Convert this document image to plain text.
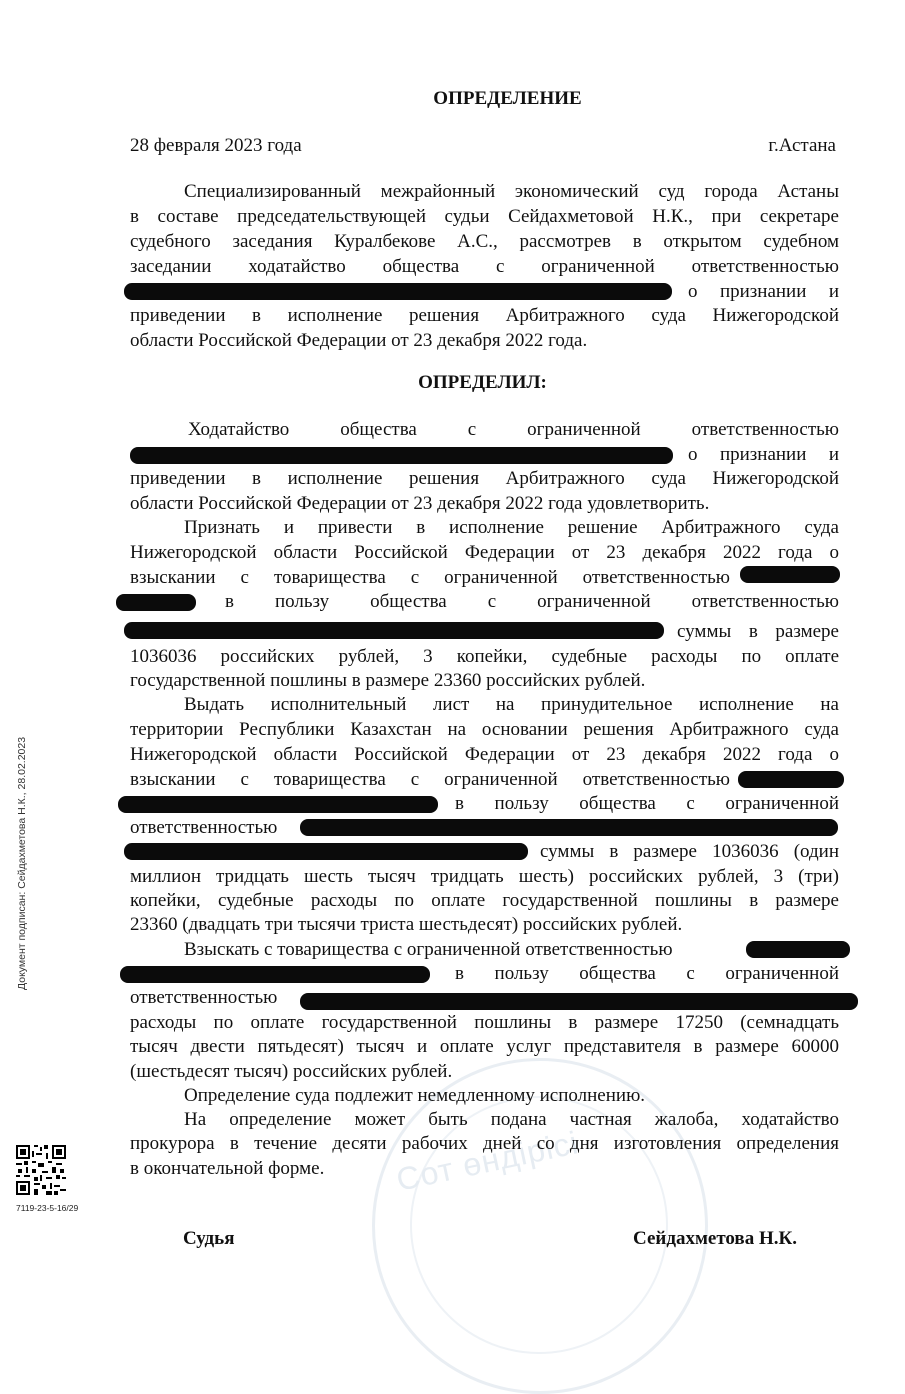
Сот өндірісі
ОПРЕДЕЛЕНИЕ
28 февраля 2023 года	г.Астана
Специализированный межрайонный экономический суд города Астаны
в составе председательствующей судьи Сейдахметовой Н.К., при секретаре
судебного заседания Куралбекове А.С., рассмотрев в открытом судебном
заседании ходатайство общества с ограниченной ответственностью
о признании и
приведении в исполнение решения Арбитражного суда Нижегородской
области Российской Федерации от 23 декабря 2022 года.
ОПРЕДЕЛИЛ:
Ходатайство общества с ограниченной ответственностью
о признании и
приведении в исполнение решения Арбитражного суда Нижегородской
области Российской Федерации от 23 декабря 2022 года удовлетворить.
Признать и привести в исполнение решение Арбитражного суда
Нижегородской области Российской Федерации от 23 декабря 2022 года о
взыскании с товарищества с ограниченной ответственностью
в пользу общества с ограниченной ответственностью
суммы в размере
1036036 российских рублей, 3 копейки, судебные расходы по оплате
государственной пошлины в размере 23360 российских рублей.
Выдать исполнительный лист на принудительное исполнение на
территории Республики Казахстан на основании решения Арбитражного суда
Нижегородской области Российской Федерации от 23 декабря 2022 года о
взыскании с товарищества с ограниченной ответственностью
в пользу общества с ограниченной
ответственностью
суммы в размере 1036036 (один
миллион тридцать шесть тысяч тридцать шесть) российских рублей, 3 (три)
копейки, судебные расходы по оплате государственной пошлины в размере
23360 (двадцать три тысячи триста шестьдесят) российских рублей.
Взыскать с товарищества с ограниченной ответственностью
в пользу общества с ограниченной
ответственностью
расходы по оплате государственной пошлины в размере 17250 (семнадцать
тысяч двести пятьдесят) тысяч и оплате услуг представителя в размере 60000
(шестьдесят тысяч) российских рублей.
Определение суда подлежит немедленному исполнению.
На определение может быть подана частная жалоба, ходатайство
прокурора в течение десяти рабочих дней со дня изготовления определения
в окончательной форме.
Документ подписан: Сейдахметова Н.К., 28.02.2023
7119-23-5-16/29
Судья	Сейдахметова Н.К.
